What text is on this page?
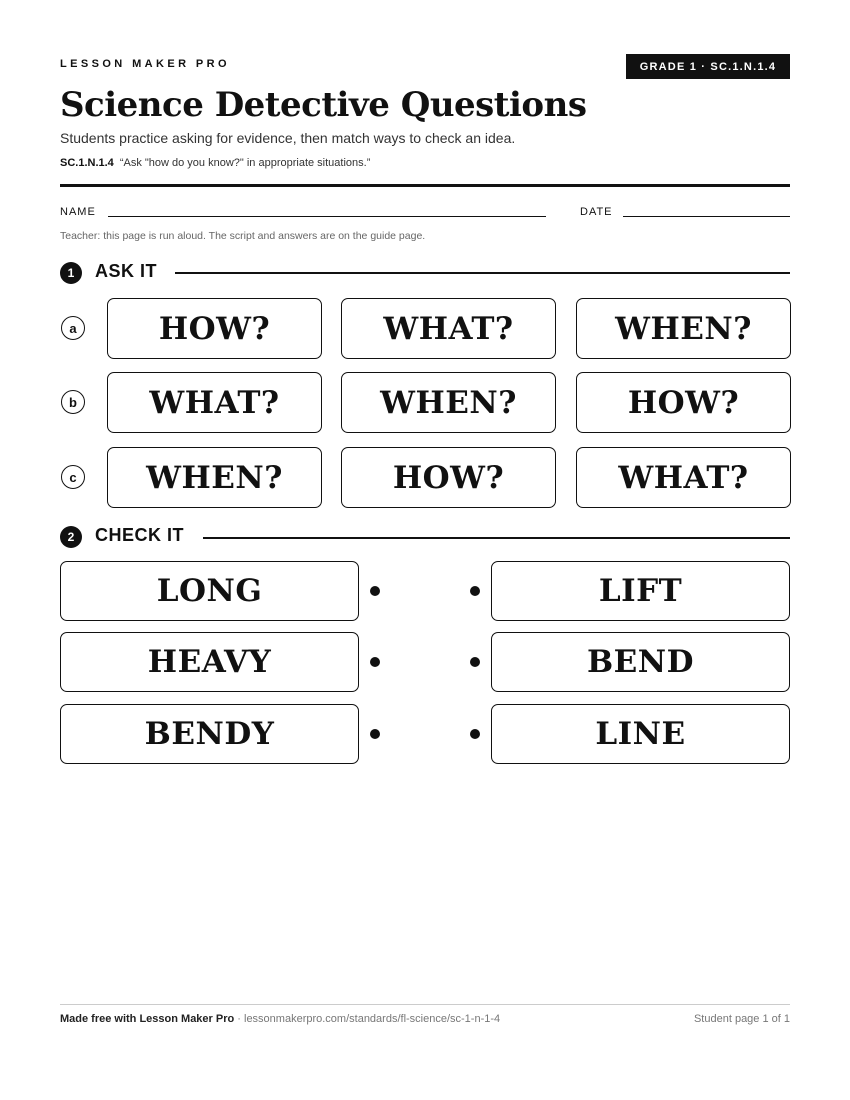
LESSON MAKER PRO	GRADE 1 · SC.1.N.1.4
Science Detective Questions
Students practice asking for evidence, then match ways to check an idea.
SC.1.N.1.4 “Ask "how do you know?" in appropriate situations.”
NAME	DATE
Teacher: this page is run aloud. The script and answers are on the guide page.
1	ASK IT
a	HOW?	WHAT?	WHEN?
b	WHAT?	WHEN?	HOW?
c	WHEN?	HOW?	WHAT?
2	CHECK IT
LONG	LIFT
HEAVY	BEND
BENDY	LINE
Made free with Lesson Maker Pro · lessonmakerpro.com/standards/fl-science/sc-1-n-1-4	Student page 1 of 1
